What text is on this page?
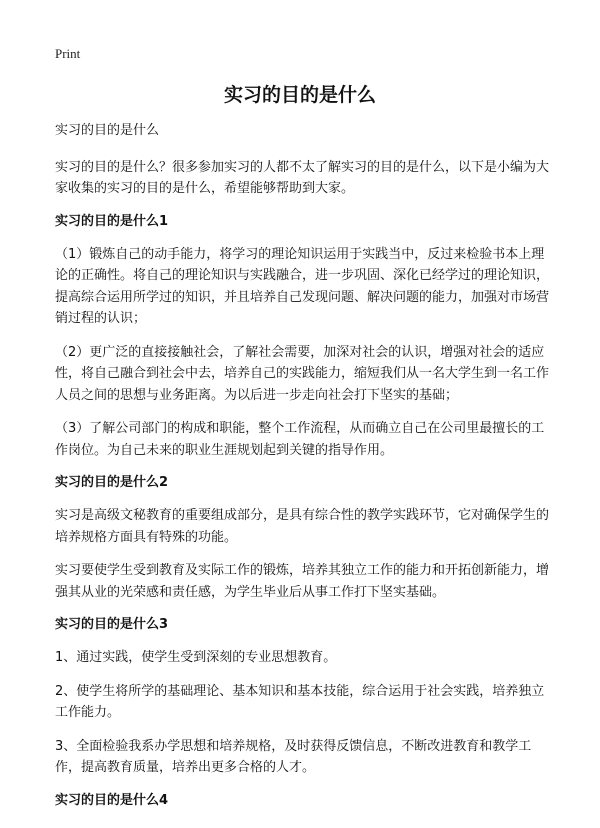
Print
实习的目的是什么
实习的目的是什么
实习的目的是什么？很多参加实习的人都不太了解实习的目的是什么，以下是小编为大家收集的实习的目的是什么，希望能够帮助到大家。
实习的目的是什么1
（1）锻炼自己的动手能力，将学习的理论知识运用于实践当中，反过来检验书本上理论的正确性。将自己的理论知识与实践融合，进一步巩固、深化已经学过的理论知识，提高综合运用所学过的知识，并且培养自己发现问题、解决问题的能力，加强对市场营销过程的认识；
（2）更广泛的直接接触社会，了解社会需要，加深对社会的认识，增强对社会的适应性，将自己融合到社会中去，培养自己的实践能力，缩短我们从一名大学生到一名工作人员之间的思想与业务距离。为以后进一步走向社会打下坚实的基础；
（3）了解公司部门的构成和职能，整个工作流程，从而确立自己在公司里最擅长的工作岗位。为自己未来的职业生涯规划起到关键的指导作用。
实习的目的是什么2
实习是高级文秘教育的重要组成部分，是具有综合性的教学实践环节，它对确保学生的培养规格方面具有特殊的功能。
实习要使学生受到教育及实际工作的锻炼，培养其独立工作的能力和开拓创新能力，增强其从业的光荣感和责任感，为学生毕业后从事工作打下坚实基础。
实习的目的是什么3
1、通过实践，使学生受到深刻的专业思想教育。
2、使学生将所学的基础理论、基本知识和基本技能，综合运用于社会实践，培养独立工作能力。
3、全面检验我系办学思想和培养规格，及时获得反馈信息，不断改进教育和教学工作，提高教育质量，培养出更多合格的人才。
实习的目的是什么4
